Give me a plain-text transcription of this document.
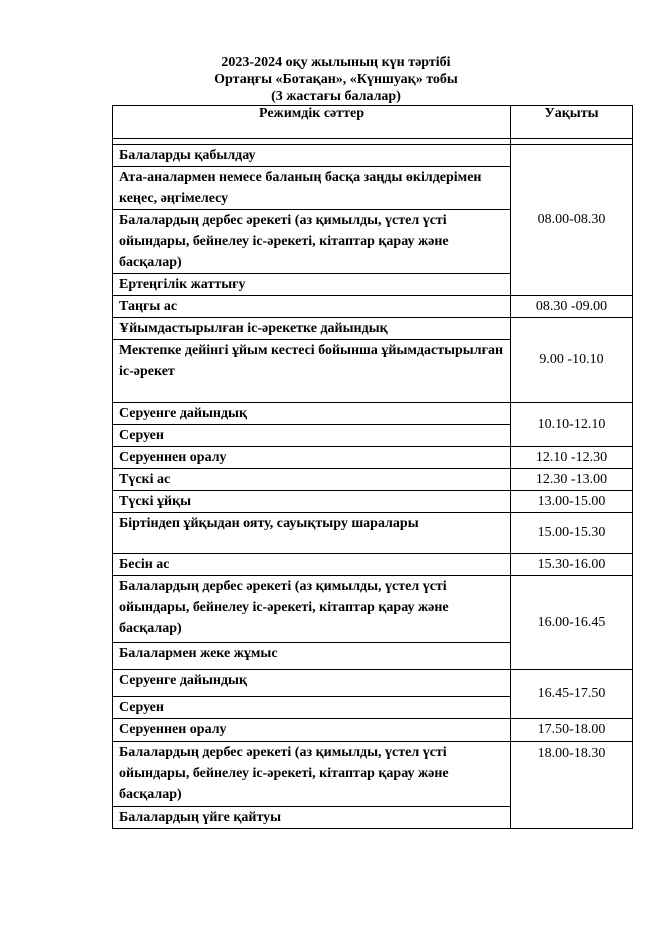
2023-2024 оқу жылының күн тәртібі
Ортаңғы «Ботақан», «Күншуақ» тобы
(3 жастағы балалар)
Режимдік сәттер	Уақыты

Балаларды қабылдау	08.00-08.30
Ата-аналармен немесе баланың басқа заңды өкілдерімен кеңес, әңгімелесу	
Балалардың дербес әрекеті (аз қимылды, үстел үсті ойындары, бейнелеу іс-әрекеті, кітаптар қарау және басқалар)	
Ертеңгілік жаттығу	
Таңғы ас	08.30 -09.00
Ұйымдастырылған іс-әрекетке дайындық	9.00 -10.10
Мектепке дейінгі ұйым кестесі бойынша ұйымдастырылған іс-әрекет	
Серуенге дайындық	10.10-12.10
Серуен	
Серуеннен оралу	12.10 -12.30
Түскі ас	12.30 -13.00
Түскі ұйқы	13.00-15.00
Біртіндеп ұйқыдан ояту, сауықтыру шаралары	15.00-15.30
Бесін ас	15.30-16.00
Балалардың дербес әрекеті (аз қимылды, үстел үсті ойындары, бейнелеу іс-әрекеті, кітаптар қарау және басқалар)	16.00-16.45
Балалармен жеке жұмыс	
Серуенге дайындық	16.45-17.50
Серуен	
Серуеннен оралу	17.50-18.00
Балалардың дербес әрекеті (аз қимылды, үстел үсті ойындары, бейнелеу іс-әрекеті, кітаптар қарау және басқалар)	18.00-18.30
Балалардың үйге қайтуы	
